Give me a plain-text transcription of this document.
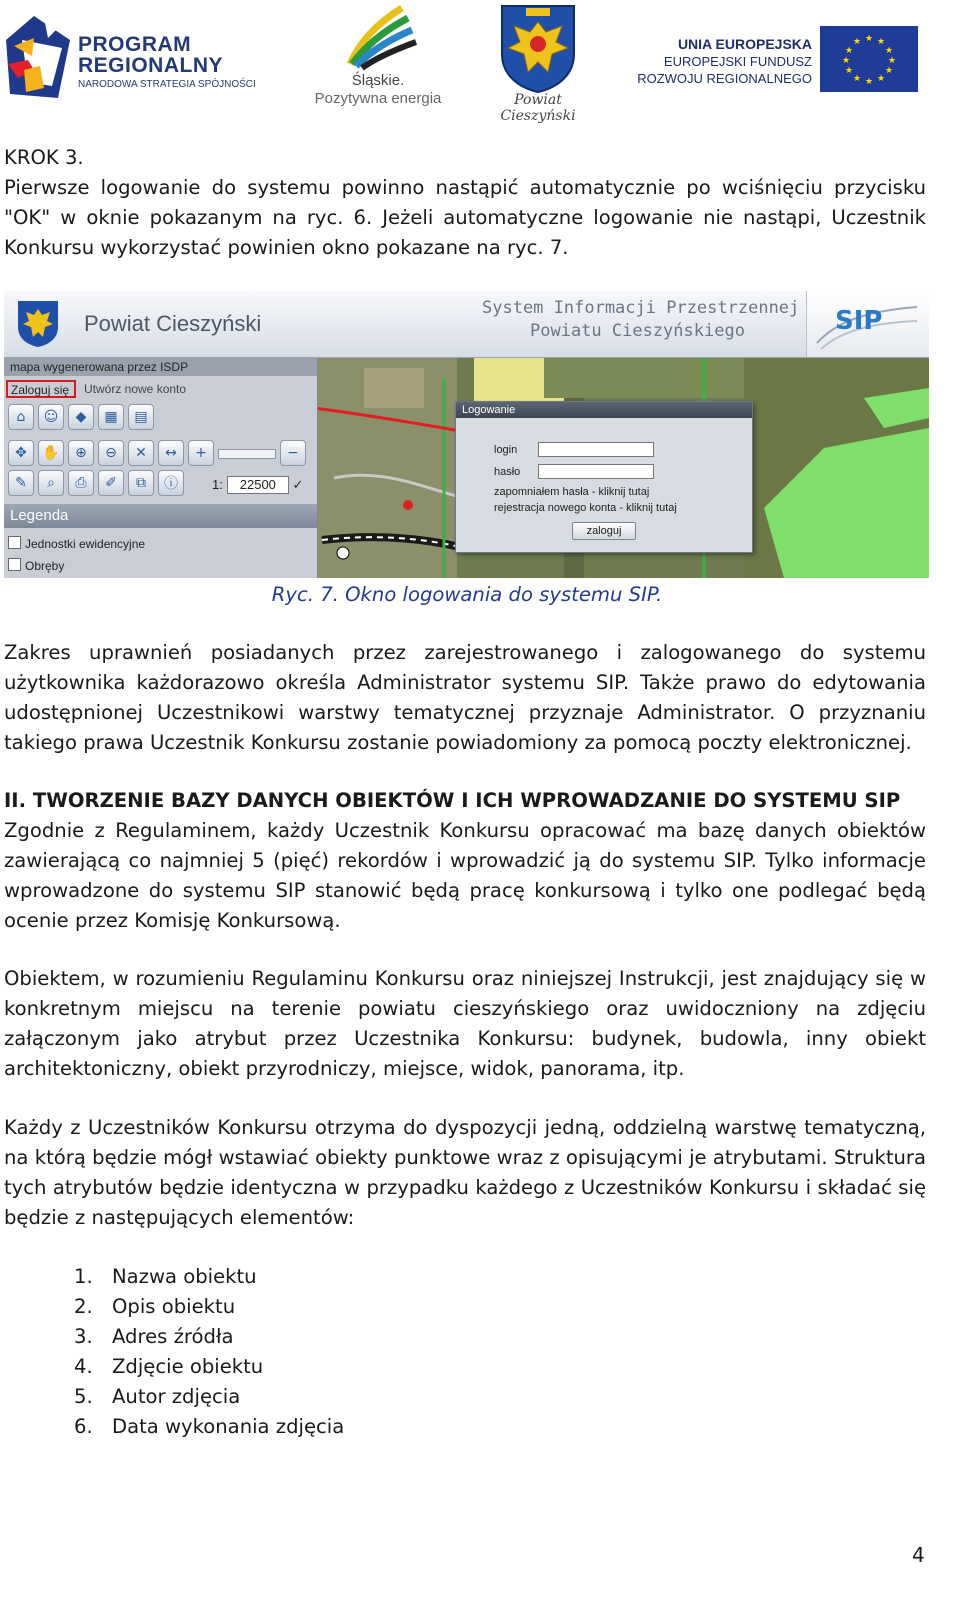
PROGRAM
REGIONALNY
NARODOWA STRATEGIA SPÓJNOŚCI	Śląskie.
Pozytywna energia	Powiat Cieszyński
UNIA EUROPEJSKA
EUROPEJSKI FUNDUSZ
ROZWOJU REGIONALNEGO
★ ★
★
★
★
★
★
★
★
★
★
★
KROK 3.
Pierwsze logowanie do systemu powinno nastąpić automatycznie po wciśnięciu przycisku "OK" w oknie pokazanym na ryc. 6. Jeżeli automatyczne logowanie nie nastąpi, Uczestnik Konkursu wykorzystać powinien okno pokazane na ryc. 7.
Powiat Cieszyński
System Informacji Przestrzennej
Powiatu Cieszyńskiego	SIP
mapa wygenerowana przez ISDP
Zaloguj się	Utwórz nowe konto
⌂	☺	◆	▦	▤
✥	✋	⊕	⊖	✕	↔	+	−
✎	⌕	⎙	✐	⧉	ⓘ	1: 22500 ✓
Legenda
Jednostki ewidencyjne
Obręby
Logowanie
login
hasło
zapomniałem hasła - kliknij tutaj
rejestracja nowego konta - kliknij tutaj
zaloguj
Ryc. 7. Okno logowania do systemu SIP.
Zakres uprawnień posiadanych przez zarejestrowanego i zalogowanego do systemu użytkownika każdorazowo określa Administrator systemu SIP. Także prawo do edytowania udostępnionej Uczestnikowi warstwy tematycznej przyznaje Administrator. O przyznaniu takiego prawa Uczestnik Konkursu zostanie powiadomiony za pomocą poczty elektronicznej.
II. TWORZENIE BAZY DANYCH OBIEKTÓW I ICH WPROWADZANIE DO SYSTEMU SIP
Zgodnie z Regulaminem, każdy Uczestnik Konkursu opracować ma bazę danych obiektów zawierającą co najmniej 5 (pięć) rekordów i wprowadzić ją do systemu SIP. Tylko informacje wprowadzone do systemu SIP stanowić będą pracę konkursową i tylko one podlegać będą ocenie przez Komisję Konkursową.
Obiektem, w rozumieniu Regulaminu Konkursu oraz niniejszej Instrukcji, jest znajdujący się w konkretnym miejscu na terenie powiatu cieszyńskiego oraz uwidoczniony na zdjęciu załączonym jako atrybut przez Uczestnika Konkursu: budynek, budowla, inny obiekt architektoniczny, obiekt przyrodniczy, miejsce, widok, panorama, itp.
Każdy z Uczestników Konkursu otrzyma do dyspozycji jedną, oddzielną warstwę tematyczną, na którą będzie mógł wstawiać obiekty punktowe wraz z opisującymi je atrybutami. Struktura tych atrybutów będzie identyczna w przypadku każdego z Uczestników Konkursu i składać się będzie z następujących elementów:
1. Nazwa obiektu
2. Opis obiektu
3. Adres źródła
4. Zdjęcie obiektu
5. Autor zdjęcia
6. Data wykonania zdjęcia
4
